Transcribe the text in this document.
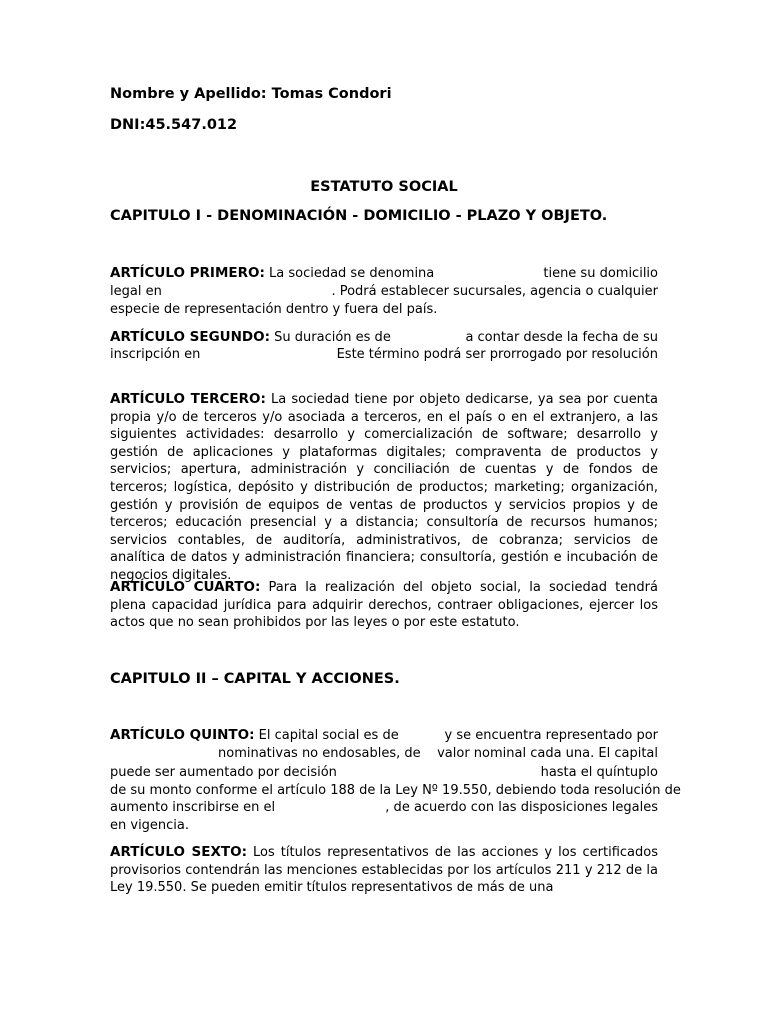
Nombre y Apellido: Tomas Condori

DNI:45.547.012

ESTATUTO SOCIAL

CAPITULO I - DENOMINACIÓN - DOMICILIO - PLAZO Y OBJETO.

ARTÍCULO PRIMERO: La sociedad se denomina	tiene su domicilio
legal en	. Podrá establecer sucursales, agencia o cualquier
especie de representación dentro y fuera del país.
ARTÍCULO SEGUNDO: Su duración es de	a contar desde la fecha de su
inscripción en	Este término podrá ser prorrogado por resolución

ARTÍCULO TERCERO: La sociedad tiene por objeto dedicarse, ya sea por cuenta propia y/o de terceros y/o asociada a terceros, en el país o en el extranjero, a las siguientes actividades: desarrollo y comercialización de software; desarrollo y gestión de aplicaciones y plataformas digitales; compraventa de productos y servicios; apertura, administración y conciliación de cuentas y de fondos de terceros; logística, depósito y distribución de productos; marketing; organización, gestión y provisión de equipos de ventas de productos y servicios propios y de terceros; educación presencial y a distancia; consultoría de recursos humanos; servicios contables, de auditoría, administrativos, de cobranza; servicios de analítica de datos y administración financiera; consultoría, gestión e incubación de negocios digitales.

ARTÍCULO CUARTO: Para la realización del objeto social, la sociedad tendrá plena capacidad jurídica para adquirir derechos, contraer obligaciones, ejercer los actos que no sean prohibidos por las leyes o por este estatuto.

CAPITULO II – CAPITAL Y ACCIONES.

ARTÍCULO QUINTO: El capital social es de	y se encuentra representado por
nominativas no endosables, de valor nominal cada una. El capital
puede ser aumentado por decisión	hasta el quíntuplo
de su monto conforme el artículo 188 de la Ley Nº 19.550, debiendo toda resolución de
aumento inscribirse en el	, de acuerdo con las disposiciones legales
en vigencia.

ARTÍCULO SEXTO: Los títulos representativos de las acciones y los certificados provisorios contendrán las menciones establecidas por los artículos 211 y 212 de la Ley 19.550. Se pueden emitir títulos representativos de más de una
